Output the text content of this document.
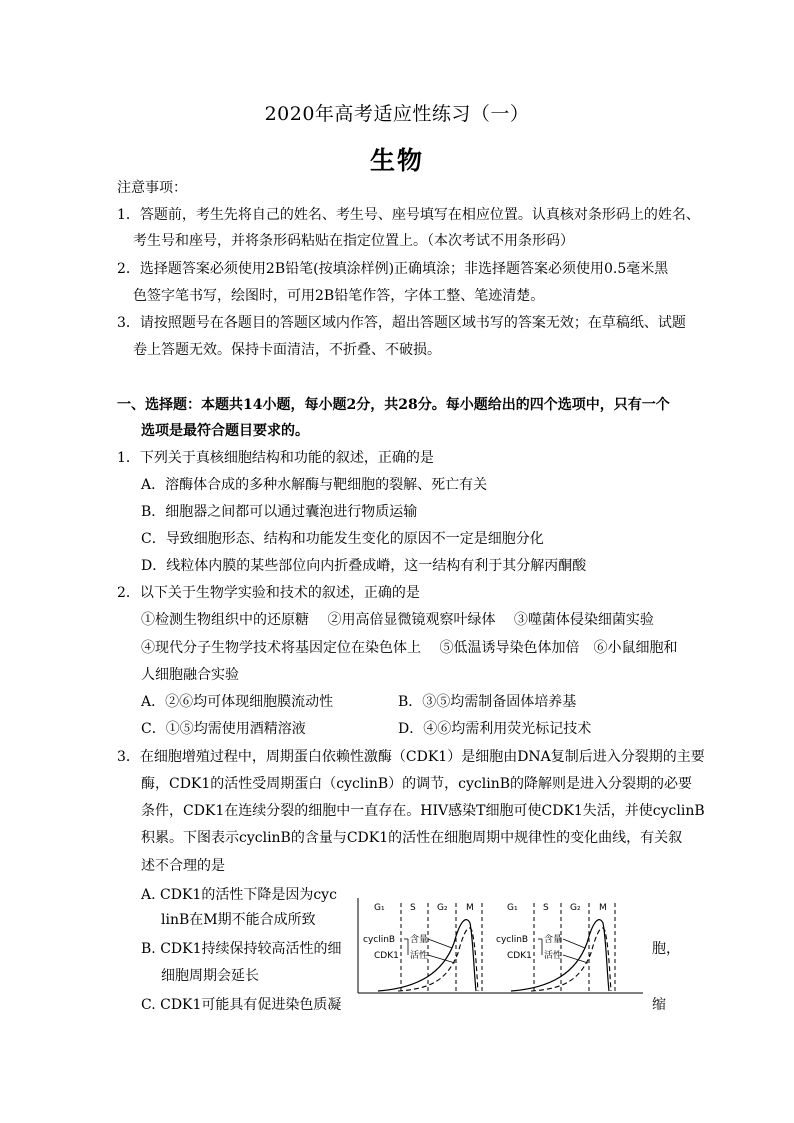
2020年高考适应性练习（一）
生物
注意事项：
1．答题前，考生先将自己的姓名、考生号、座号填写在相应位置。认真核对条形码上的姓名、
考生号和座号，并将条形码粘贴在指定位置上。（本次考试不用条形码）
2．选择题答案必须使用2B铅笔(按填涂样例)正确填涂；非选择题答案必须使用0.5毫米黑
色签字笔书写，绘图时，可用2B铅笔作答，字体工整、笔迹清楚。
3．请按照题号在各题目的答题区域内作答，超出答题区域书写的答案无效；在草稿纸、试题
卷上答题无效。保持卡面清洁，不折叠、不破损。
一、选择题：本题共14小题，每小题2分，共28分。每小题给出的四个选项中，只有一个
选项是最符合题目要求的。
1．下列关于真核细胞结构和功能的叙述，正确的是
A．溶酶体合成的多种水解酶与靶细胞的裂解、死亡有关
B．细胞器之间都可以通过囊泡进行物质运输
C．导致细胞形态、结构和功能发生变化的原因不一定是细胞分化
D．线粒体内膜的某些部位向内折叠成嵴，这一结构有利于其分解丙酮酸
2．以下关于生物学实验和技术的叙述，正确的是
①检测生物组织中的还原糖　 ②用高倍显微镜观察叶绿体　 ③噬菌体侵染细菌实验
④现代分子生物学技术将基因定位在染色体上　 ⑤低温诱导染色体加倍　⑥小鼠细胞和
人细胞融合实验
A．②⑥均可体现细胞膜流动性	B．③⑤均需制备固体培养基
C．①⑤均需使用酒精溶液	D．④⑥均需利用荧光标记技术
3．在细胞增殖过程中，周期蛋白依赖性激酶（CDK1）是细胞由DNA复制后进入分裂期的主要
酶，CDK1的活性受周期蛋白（cyclinB）的调节，cyclinB的降解则是进入分裂期的必要
条件，CDK1在连续分裂的细胞中一直存在。HIV感染T细胞可使CDK1失活，并使cyclinB
积累。下图表示cyclinB的含量与CDK1的活性在细胞周期中规律性的变化曲线，有关叙
述不合理的是
A. CDK1的活性下降是因为cyc
linB在M期不能合成所致
B. CDK1持续保持较高活性的细	胞，
细胞周期会延长
C. CDK1可能具有促进染色质凝	缩
G₁	S G₂ M	G₁	S G₂ M
cyclinB 含量
CDK1 活性
cyclinB 含量
CDK1 活性
